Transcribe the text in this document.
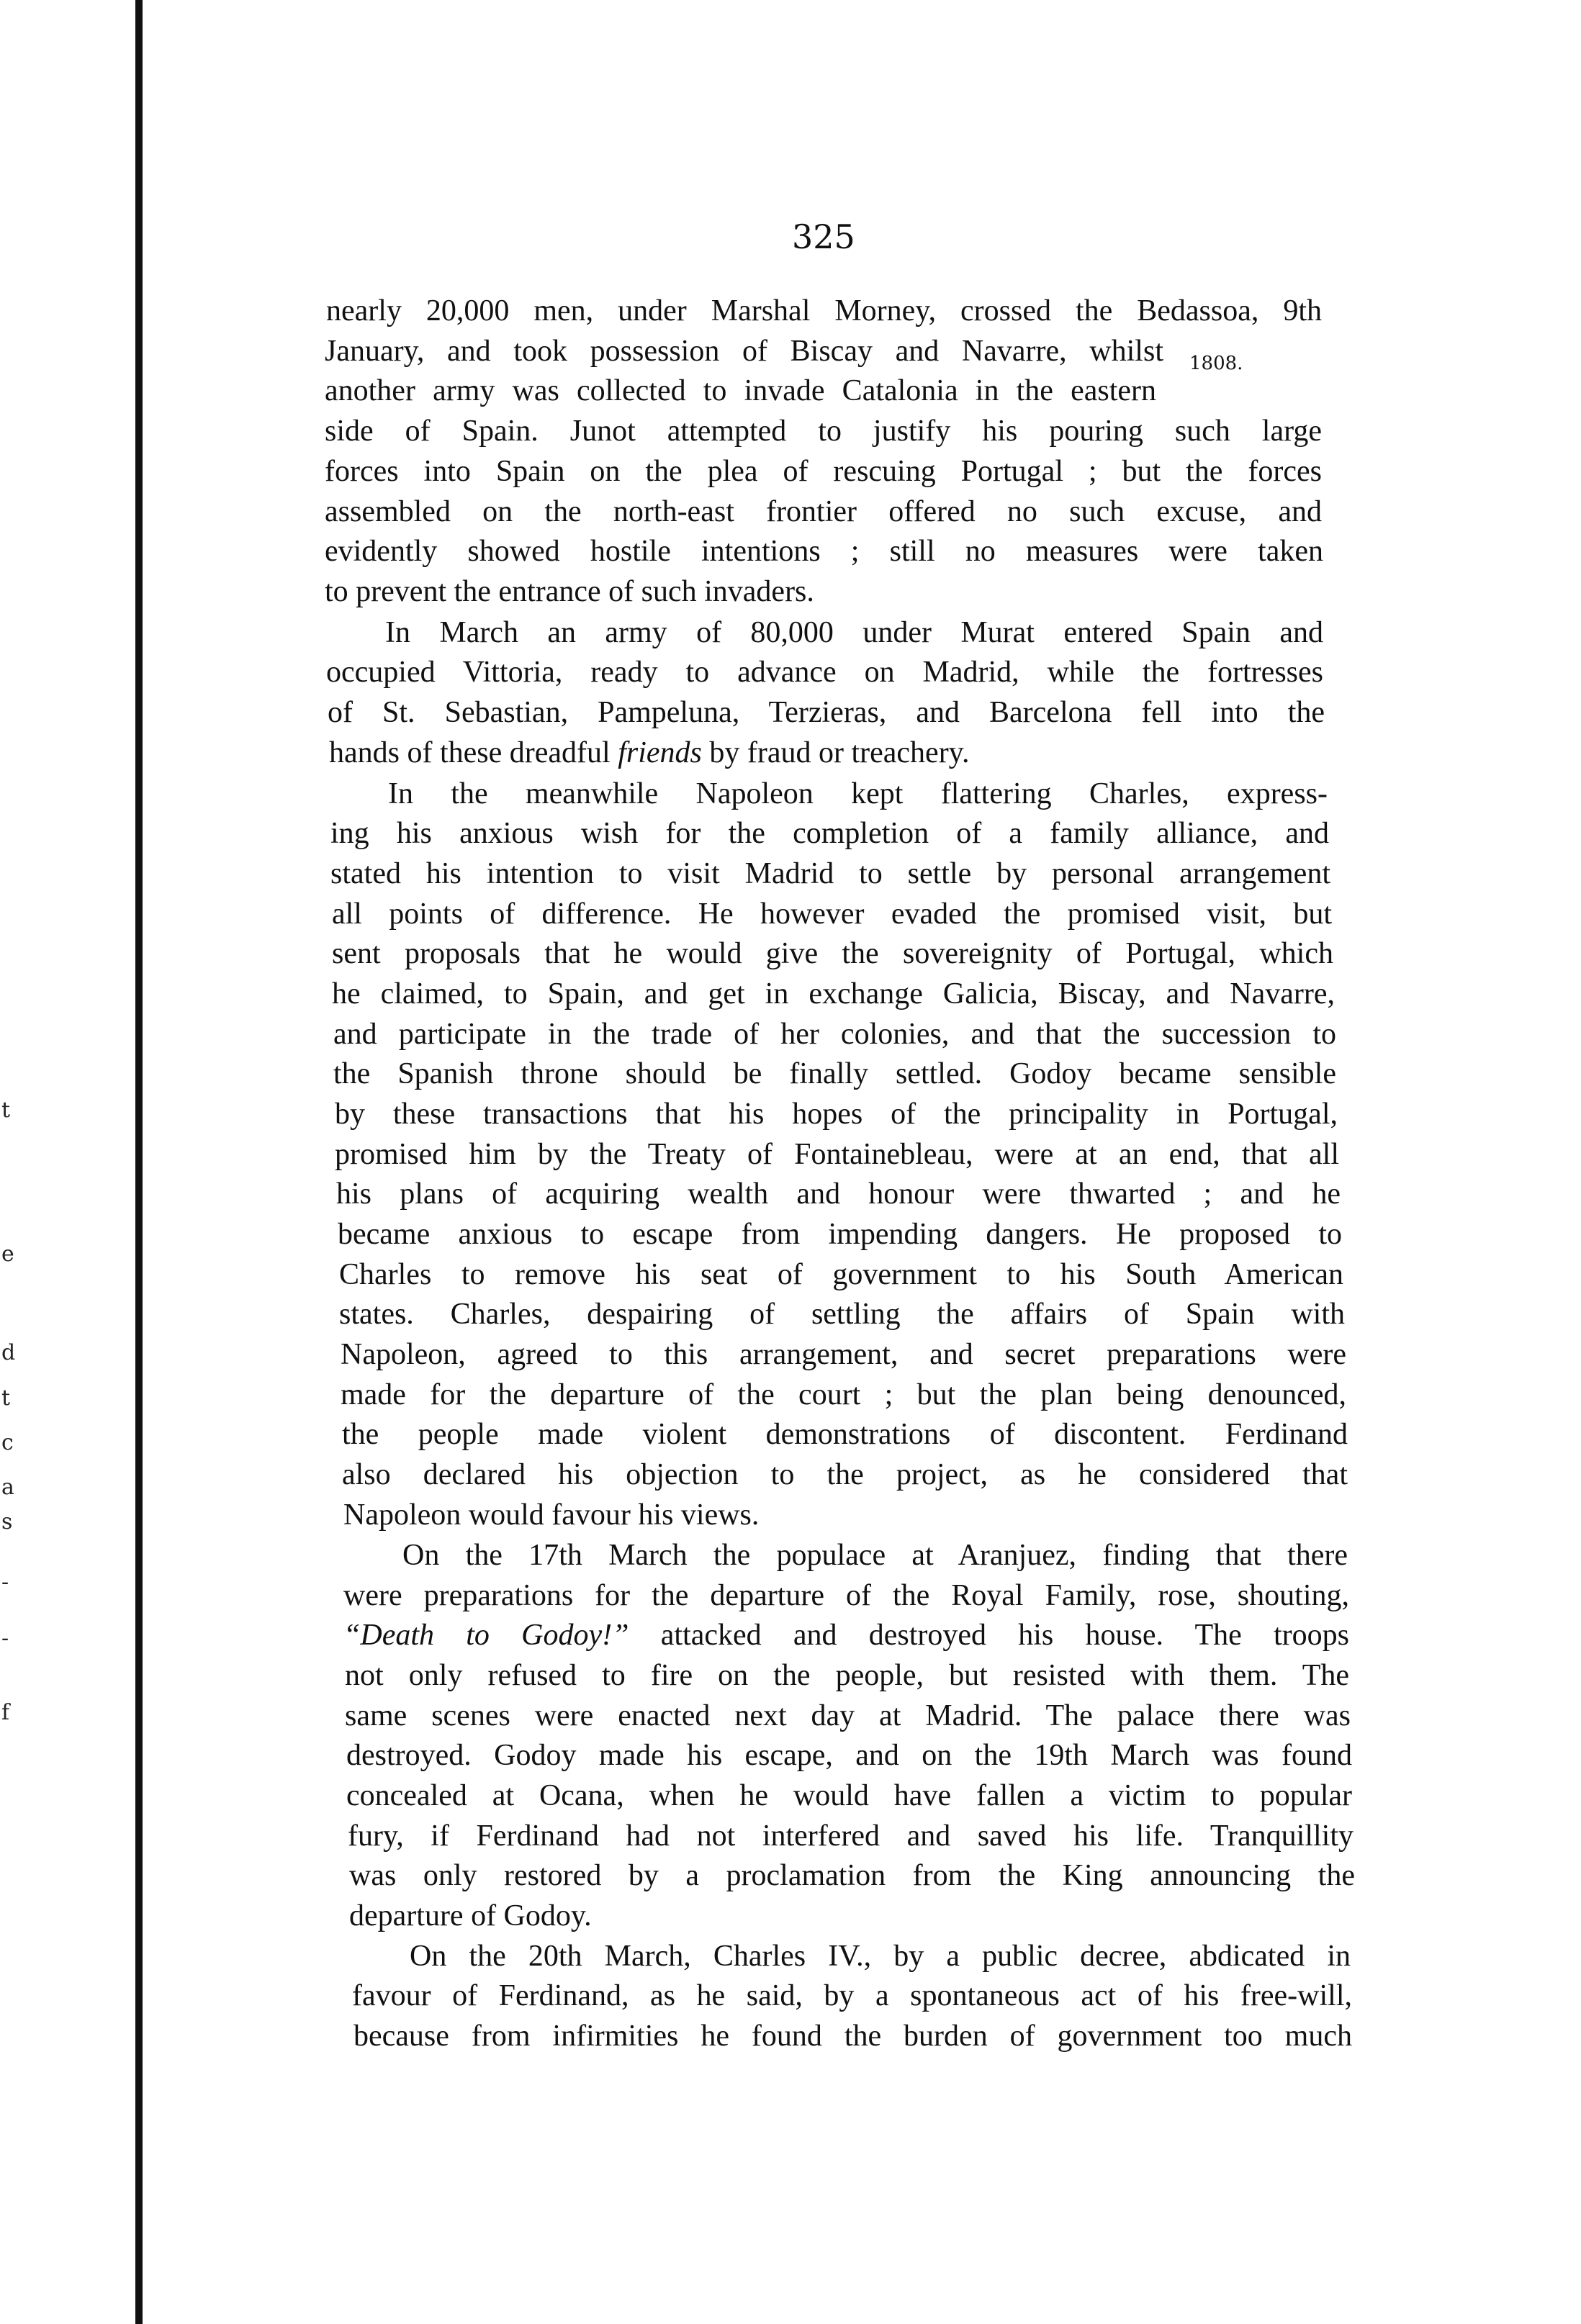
t
e
d
t
c
a
s
-
-
f
325
1808.
nearly 20,000 men, under Marshal Morney, crossed the Bedassoa, 9th
January, and took possession of Biscay and Navarre, whilst
another army was collected to invade Catalonia in the eastern
side of Spain. Junot attempted to justify his pouring such large
forces into Spain on the plea of rescuing Portugal ; but the forces
assembled on the north-east frontier offered no such excuse, and
evidently showed hostile intentions ; still no measures were taken
to prevent the entrance of such invaders.
In March an army of 80,000 under Murat entered Spain and
occupied Vittoria, ready to advance on Madrid, while the fortresses
of St. Sebastian, Pampeluna, Terzieras, and Barcelona fell into the
hands of these dreadful friends by fraud or treachery.
In the meanwhile Napoleon kept flattering Charles, express-
ing his anxious wish for the completion of a family alliance, and
stated his intention to visit Madrid to settle by personal arrangement
all points of difference. He however evaded the promised visit, but
sent proposals that he would give the sovereignity of Portugal, which
he claimed, to Spain, and get in exchange Galicia, Biscay, and Navarre,
and participate in the trade of her colonies, and that the succession to
the Spanish throne should be finally settled. Godoy became sensible
by these transactions that his hopes of the principality in Portugal,
promised him by the Treaty of Fontainebleau, were at an end, that all
his plans of acquiring wealth and honour were thwarted ; and he
became anxious to escape from impending dangers. He proposed to
Charles to remove his seat of government to his South American
states. Charles, despairing of settling the affairs of Spain with
Napoleon, agreed to this arrangement, and secret preparations were
made for the departure of the court ; but the plan being denounced,
the people made violent demonstrations of discontent. Ferdinand
also declared his objection to the project, as he considered that
Napoleon would favour his views.
On the 17th March the populace at Aranjuez, finding that there
were preparations for the departure of the Royal Family, rose, shouting,
“Death to Godoy!” attacked and destroyed his house. The troops
not only refused to fire on the people, but resisted with them. The
same scenes were enacted next day at Madrid. The palace there was
destroyed. Godoy made his escape, and on the 19th March was found
concealed at Ocana, when he would have fallen a victim to popular
fury, if Ferdinand had not interfered and saved his life. Tranquillity
was only restored by a proclamation from the King announcing the
departure of Godoy.
On the 20th March, Charles IV., by a public decree, abdicated in
favour of Ferdinand, as he said, by a spontaneous act of his free-will,
because from infirmities he found the burden of government too much
